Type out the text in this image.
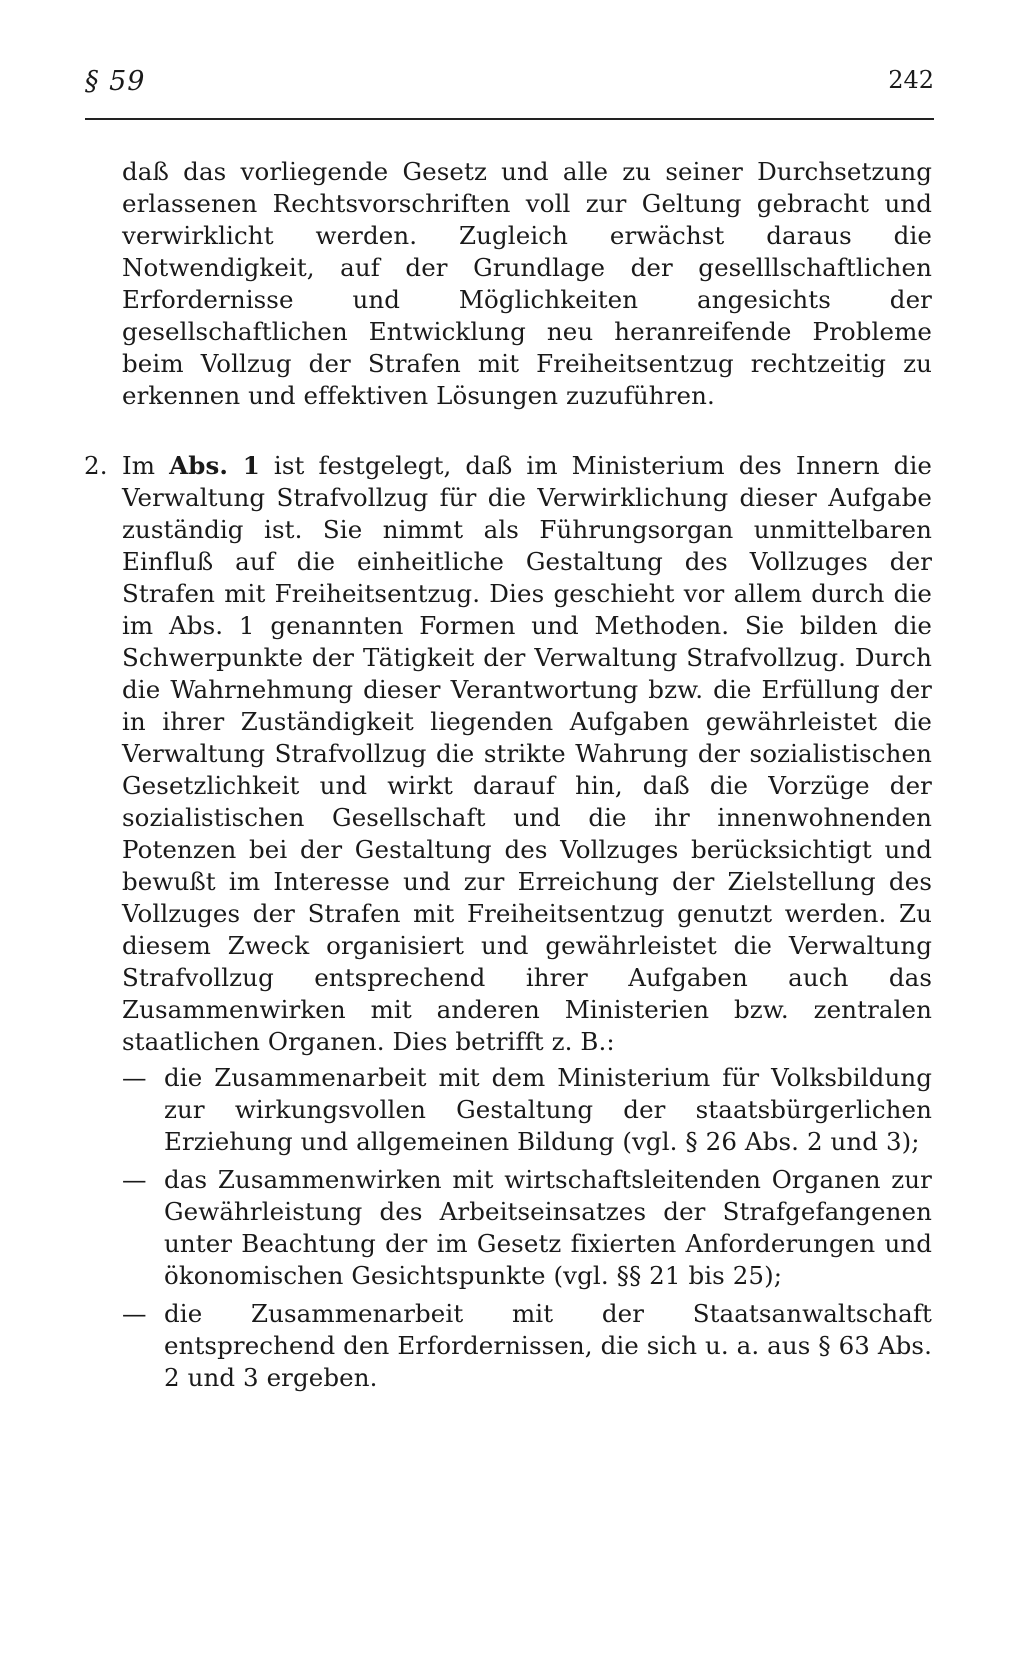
§ 59	242

daß das vorliegende Gesetz und alle zu seiner Durchsetzung erlassenen Rechtsvorschriften voll zur Geltung gebracht und verwirklicht werden. Zugleich erwächst daraus die Notwendigkeit, auf der Grundlage der geselllschaftlichen Erfordernisse und Möglichkeiten angesichts der gesellschaftlichen Entwicklung neu heranreifende Probleme beim Vollzug der Strafen mit Freiheitsentzug rechtzeitig zu erkennen und effektiven Lösungen zuzuführen.

2. Im Abs. 1 ist festgelegt, daß im Ministerium des Innern die Verwaltung Strafvollzug für die Verwirklichung dieser Aufgabe zuständig ist. Sie nimmt als Führungsorgan unmittelbaren Einfluß auf die einheitliche Gestaltung des Vollzuges der Strafen mit Freiheitsentzug. Dies geschieht vor allem durch die im Abs. 1 genannten Formen und Methoden. Sie bilden die Schwerpunkte der Tätigkeit der Verwaltung Strafvollzug. Durch die Wahrnehmung dieser Verantwortung bzw. die Erfüllung der in ihrer Zuständigkeit liegenden Aufgaben gewährleistet die Verwaltung Strafvollzug die strikte Wahrung der sozialistischen Gesetzlichkeit und wirkt darauf hin, daß die Vorzüge der sozialistischen Gesellschaft und die ihr innenwohnenden Potenzen bei der Gestaltung des Vollzuges berücksichtigt und bewußt im Interesse und zur Erreichung der Zielstellung des Vollzuges der Strafen mit Freiheitsentzug genutzt werden. Zu diesem Zweck organisiert und gewährleistet die Verwaltung Strafvollzug entsprechend ihrer Aufgaben auch das Zusammenwirken mit anderen Ministerien bzw. zentralen staatlichen Organen. Dies betrifft z. B.:

— die Zusammenarbeit mit dem Ministerium für Volksbildung zur wirkungsvollen Gestaltung der staatsbürgerlichen Erziehung und allgemeinen Bildung (vgl. § 26 Abs. 2 und 3);
— das Zusammenwirken mit wirtschaftsleitenden Organen zur Gewährleistung des Arbeitseinsatzes der Strafgefangenen unter Beachtung der im Gesetz fixierten Anforderungen und ökonomischen Gesichtspunkte (vgl. §§ 21 bis 25);
— die Zusammenarbeit mit der Staatsanwaltschaft entsprechend den Erfordernissen, die sich u. a. aus § 63 Abs. 2 und 3 ergeben.
